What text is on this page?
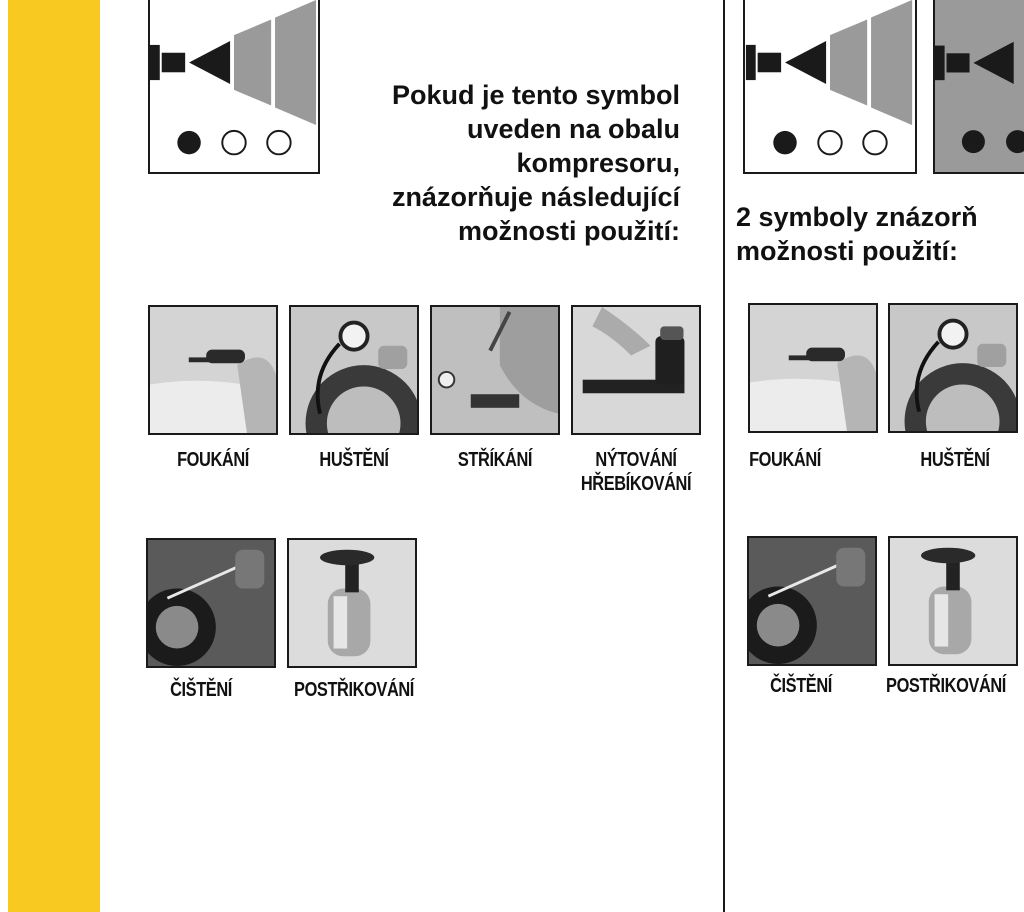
Pokud je tento symbol
uveden na obalu
kompresoru,
znázorňuje následující
možnosti použití:
FOUKÁNÍ	HUŠTĚNÍ	STŘÍKÁNÍ	NÝTOVÁNÍ
HŘEBÍKOVÁNÍ
ČIŠTĚNÍ	POSTŘIKOVÁNÍ
2 symboly znázorň
možnosti použití:
FOUKÁNÍ	HUŠTĚNÍ
ČIŠTĚNÍ	POSTŘIKOVÁNÍ
